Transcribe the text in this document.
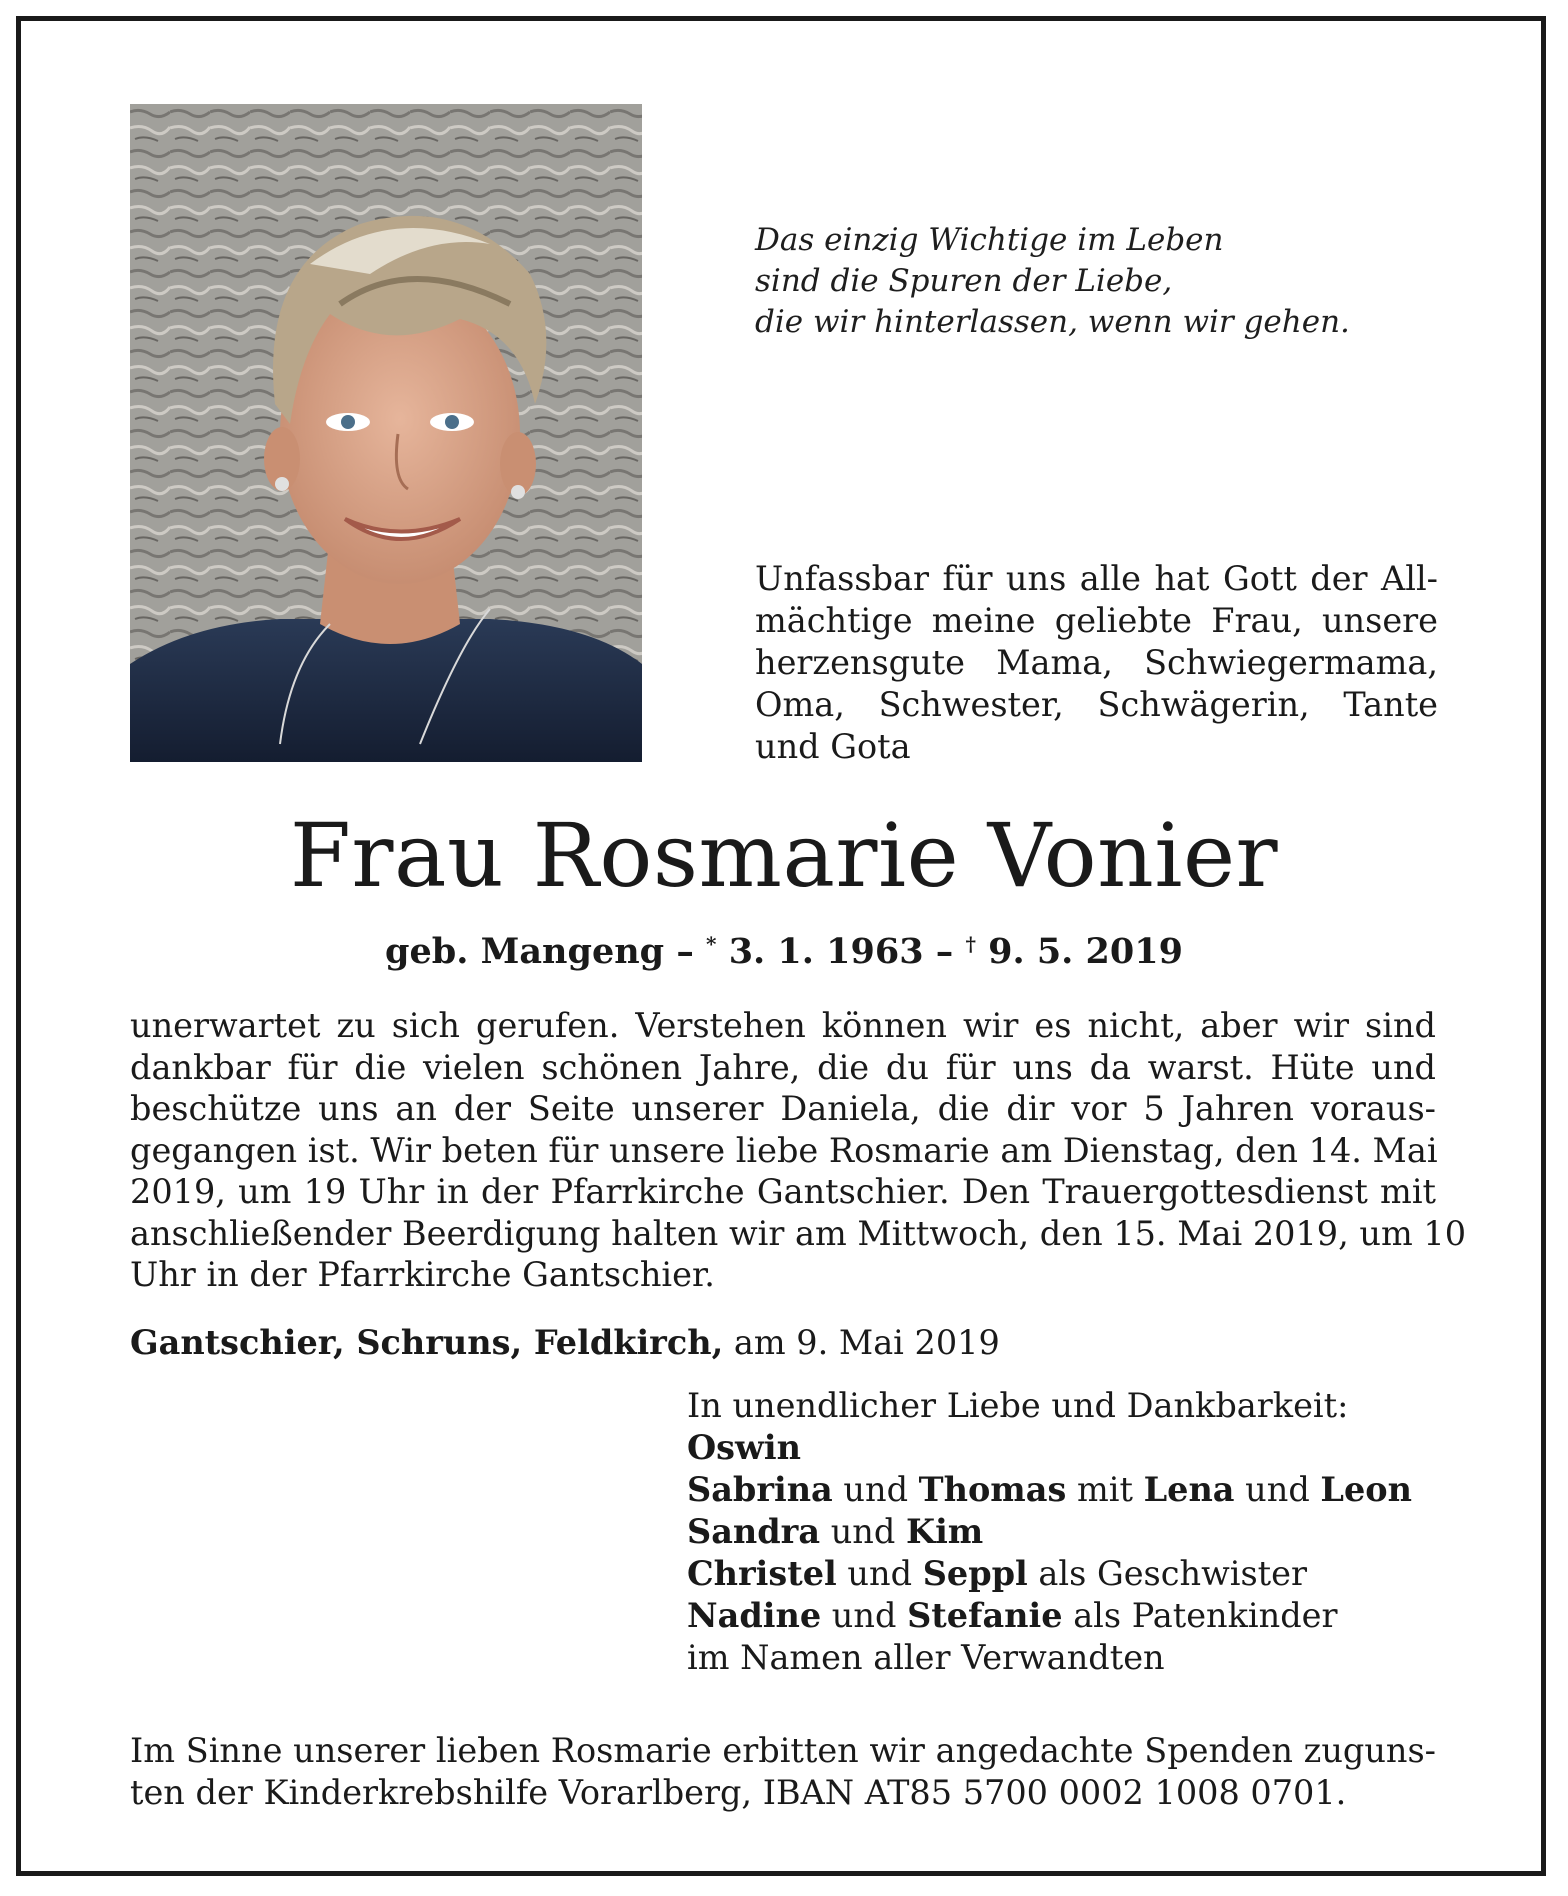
Das einzig Wichtige im Leben
sind die Spuren der Liebe,
die wir hinterlassen, wenn wir gehen.
Unfassbar für uns alle hat Gott der Allmächtige meine geliebte Frau, unsere herzensgute Mama, Schwiegermama, Oma, Schwester, Schwägerin, Tante und Gota
Frau Rosmarie Vonier
geb. Mangeng – * 3. 1. 1963 – † 9. 5. 2019
unerwartet zu sich gerufen. Verstehen können wir es nicht, aber wir sind
dankbar für die vielen schönen Jahre, die du für uns da warst. Hüte und
beschütze uns an der Seite unserer Daniela, die dir vor 5 Jahren voraus-
gegangen ist. Wir beten für unsere liebe Rosmarie am Dienstag, den 14. Mai
2019, um 19 Uhr in der Pfarrkirche Gantschier. Den Trauergottesdienst mit
anschließender Beerdigung halten wir am Mittwoch, den 15. Mai 2019, um 10
Uhr in der Pfarrkirche Gantschier.
Gantschier, Schruns, Feldkirch, am 9. Mai 2019
In unendlicher Liebe und Dankbarkeit:
Oswin
Sabrina und Thomas mit Lena und Leon
Sandra und Kim
Christel und Seppl als Geschwister
Nadine und Stefanie als Patenkinder
im Namen aller Verwandten
Im Sinne unserer lieben Rosmarie erbitten wir angedachte Spenden zuguns-
ten der Kinderkrebshilfe Vorarlberg, IBAN AT85 5700 0002 1008 0701.
